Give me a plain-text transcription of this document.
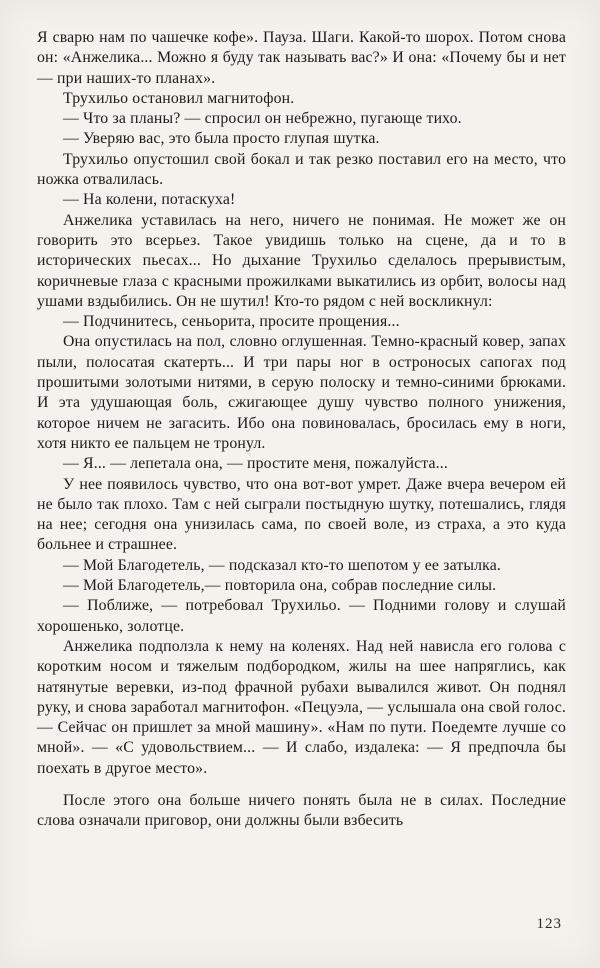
Я сварю нам по чашечке кофе». Пауза. Шаги. Какой-то шорох. Потом снова он: «Анжелика... Можно я буду так называть вас?» И она: «Почему бы и нет — при наших-то планах».

Трухильо остановил магнитофон.

— Что за планы? — спросил он небрежно, пугающе тихо.

— Уверяю вас, это была просто глупая шутка.

Трухильо опустошил свой бокал и так резко поставил его на место, что ножка отвалилась.

— На колени, потаскуха!

Анжелика уставилась на него, ничего не понимая. Не может же он говорить это всерьез. Такое увидишь только на сцене, да и то в исторических пьесах... Но дыхание Трухильо сделалось прерывистым, коричневые глаза с красными прожилками выкатились из орбит, волосы над ушами вздыбились. Он не шутил! Кто-то рядом с ней воскликнул:

— Подчинитесь, сеньорита, просите прощения...

Она опустилась на пол, словно оглушенная. Темно-красный ковер, запах пыли, полосатая скатерть... И три пары ног в остроносых сапогах под прошитыми золотыми нитями, в серую полоску и темно-синими брюками. И эта удушающая боль, сжигающее душу чувство полного унижения, которое ничем не загасить. Ибо она повиновалась, бросилась ему в ноги, хотя никто ее пальцем не тронул.

— Я... — лепетала она, — простите меня, пожалуйста...

У нее появилось чувство, что она вот-вот умрет. Даже вчера вечером ей не было так плохо. Там с ней сыграли постыдную шутку, потешались, глядя на нее; сегодня она унизилась сама, по своей воле, из страха, а это куда больнее и страшнее.

— Мой Благодетель, — подсказал кто-то шепотом у ее затылка.

— Мой Благодетель,— повторила она, собрав последние силы.

— Поближе, — потребовал Трухильо. — Подними голову и слушай хорошенько, золотце.

Анжелика подползла к нему на коленях. Над ней нависла его голова с коротким носом и тяжелым подбородком, жилы на шее напряглись, как натянутые веревки, из-под фрачной рубахи вывалился живот. Он поднял руку, и снова заработал магнитофон. «Пецуэла, — услышала она свой голос. — Сейчас он пришлет за мной машину». «Нам по пути. Поедемте лучше со мной». — «С удовольствием... — И слабо, издалека: — Я предпочла бы поехать в другое место».

После этого она больше ничего понять была не в силах. Последние слова означали приговор, они должны были взбесить

123
